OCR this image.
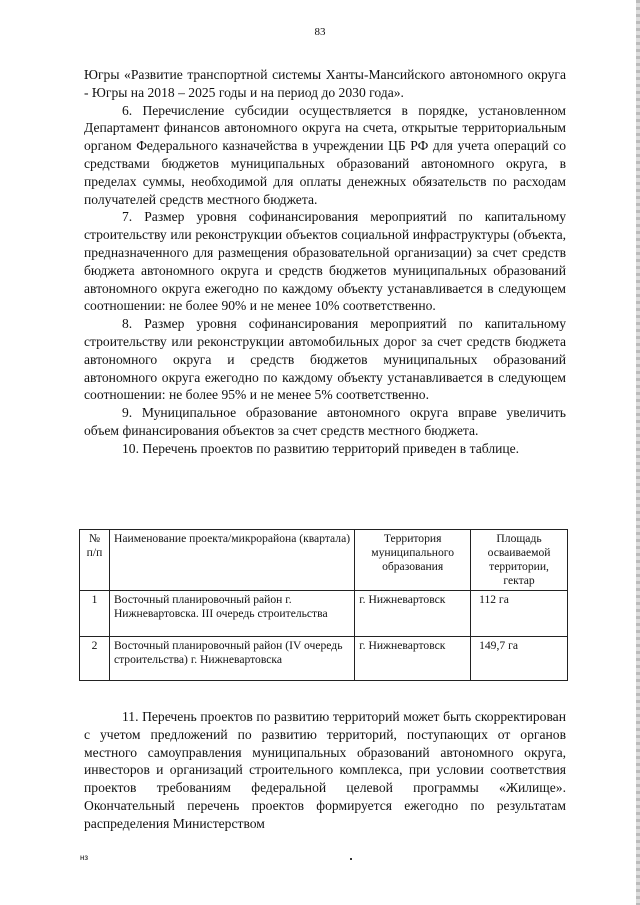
83

Югры «Развитие транспортной системы Ханты-Мансийского автономного округа - Югры на 2018 – 2025 годы и на период до 2030 года».

6. Перечисление субсидии осуществляется в порядке, установленном Департамент финансов автономного округа на счета, открытые территориальным органом Федерального казначейства в учреждении ЦБ РФ для учета операций со средствами бюджетов муниципальных образований автономного округа, в пределах суммы, необходимой для оплаты денежных обязательств по расходам получателей средств местного бюджета.

7. Размер уровня софинансирования мероприятий по капитальному строительству или реконструкции объектов социальной инфраструктуры (объекта, предназначенного для размещения образовательной организации) за счет средств бюджета автономного округа и средств бюджетов муниципальных образований автономного округа ежегодно по каждому объекту устанавливается в следующем соотношении: не более 90% и не менее 10% соответственно.

8. Размер уровня софинансирования мероприятий по капитальному строительству или реконструкции автомобильных дорог за счет средств бюджета автономного округа и средств бюджетов муниципальных образований автономного округа ежегодно по каждому объекту устанавливается в следующем соотношении: не более 95% и не менее 5% соответственно.

9. Муниципальное образование автономного округа вправе увеличить объем финансирования объектов за счет средств местного бюджета.

10. Перечень проектов по развитию территорий приведен в таблице.

№ п/п	Наименование проекта/микрорайона (квартала)	Территория муниципального образования	Площадь осваиваемой территории, гектар
1	Восточный планировочный район г. Нижневартовска. III очередь строительства	г. Нижневартовск	112 га
2	Восточный планировочный район (IV очередь строительства) г. Нижневартовска	г. Нижневартовск	149,7 га

11. Перечень проектов по развитию территорий может быть скорректирован с учетом предложений по развитию территорий, поступающих от органов местного самоуправления муниципальных образований автономного округа, инвесторов и организаций строительного комплекса, при условии соответствия проектов требованиям федеральной целевой программы «Жилище». Окончательный перечень проектов формируется ежегодно по результатам распределения Министерством

нз
